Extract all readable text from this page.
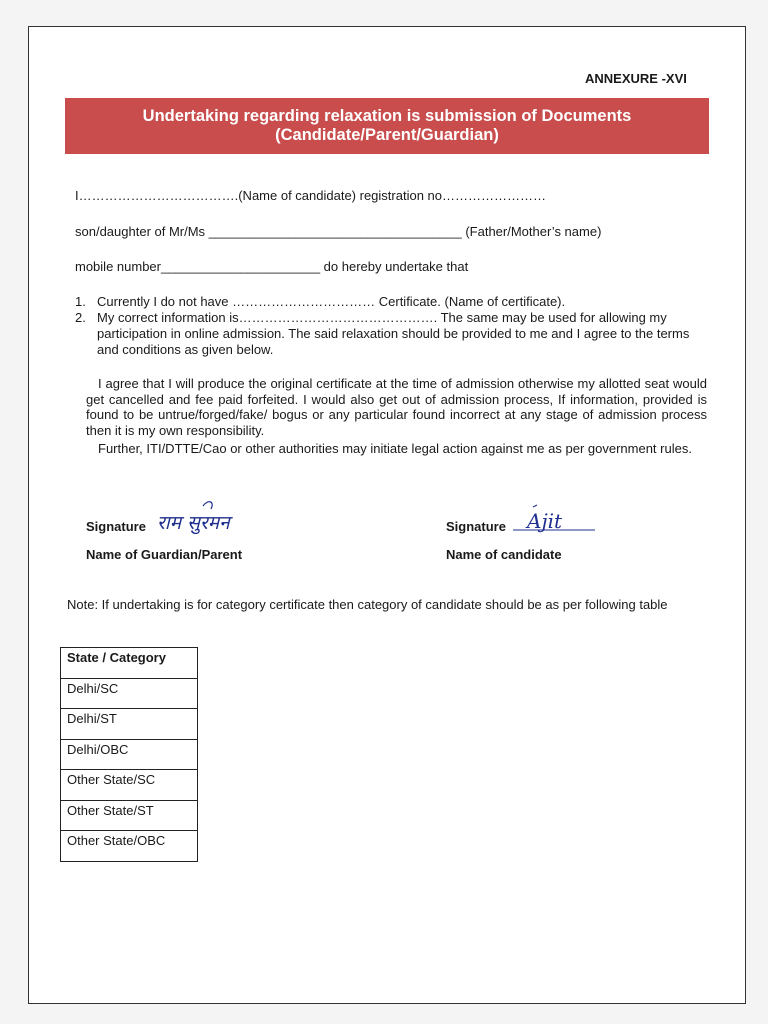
ANNEXURE -XVI
Undertaking regarding relaxation is submission of Documents
(Candidate/Parent/Guardian)
I……………………………….(Name of candidate) registration no……………………
son/daughter of Mr/Ms ___________________________________ (Father/Mother’s name)
mobile number______________________ do hereby undertake that
1. Currently I do not have …………………………… Certificate. (Name of certificate).
2. My correct information is………………………………………. The same may be used for allowing my participation in online admission. The said relaxation should be provided to me and I agree to the terms and conditions as given below.
I agree that I will produce the original certificate at the time of admission otherwise my allotted seat would get cancelled and fee paid forfeited. I would also get out of admission process, If information, provided is found to be untrue/forged/fake/ bogus or any particular found incorrect at any stage of admission process then it is my own responsibility.
Further, ITI/DTTE/Cao or other authorities may initiate legal action against me as per government rules.
Signature राम सुरमन
Name of Guardian/Parent
Signature Ajit
Name of candidate
Note: If undertaking is for category certificate then category of candidate should be as per following table
State / Category
Delhi/SC
Delhi/ST
Delhi/OBC
Other State/SC
Other State/ST
Other State/OBC
